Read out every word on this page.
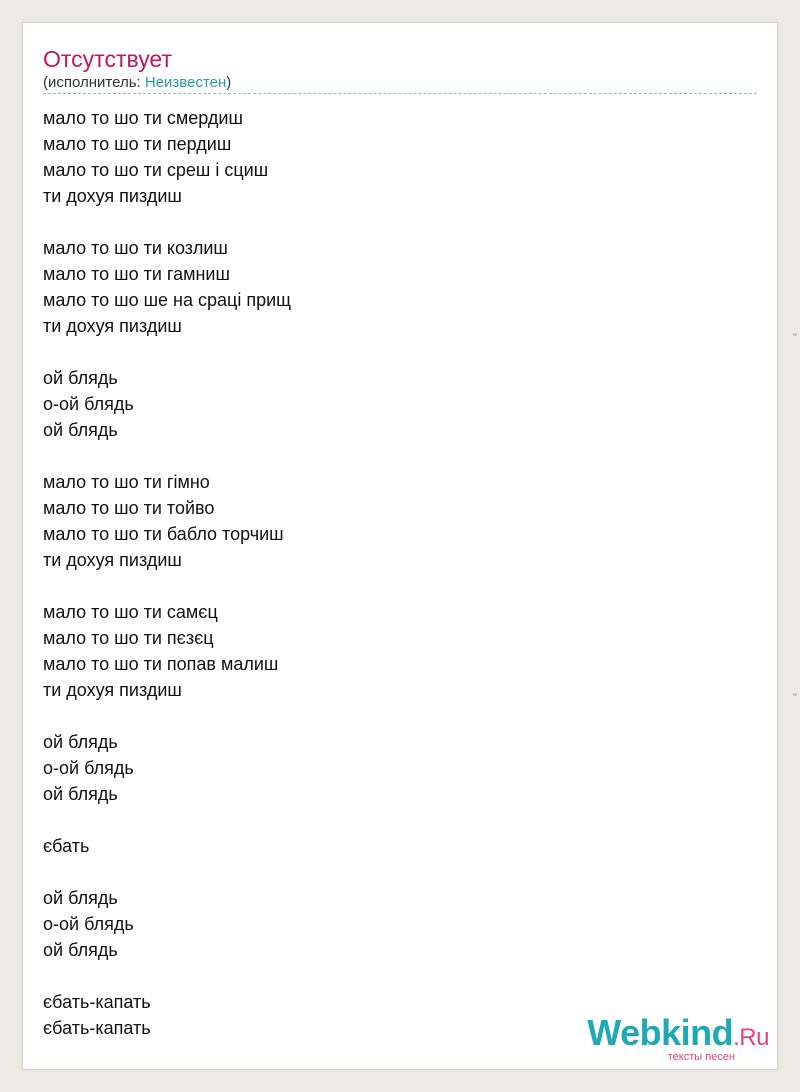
Отсутствует
(исполнитель: Неизвестен)
мало то шо ти смердиш
мало то шо ти пердиш
мало то шо ти среш і сциш
ти дохуя пиздиш
мало то шо ти козлиш
мало то шо ти гамниш
мало то шо ше на сраці прищ
ти дохуя пиздиш
ой блядь
о-ой блядь
ой блядь
мало то шо ти гімно
мало то шо ти тойво
мало то шо ти бабло торчиш
ти дохуя пиздиш
мало то шо ти самєц
мало то шо ти пєзєц
мало то шо ти попав малиш
ти дохуя пиздиш
ой блядь
о-ой блядь
ой блядь
єбать
ой блядь
о-ой блядь
ой блядь
єбать-капать
єбать-капать	Webkind.Ru
тексты песен
